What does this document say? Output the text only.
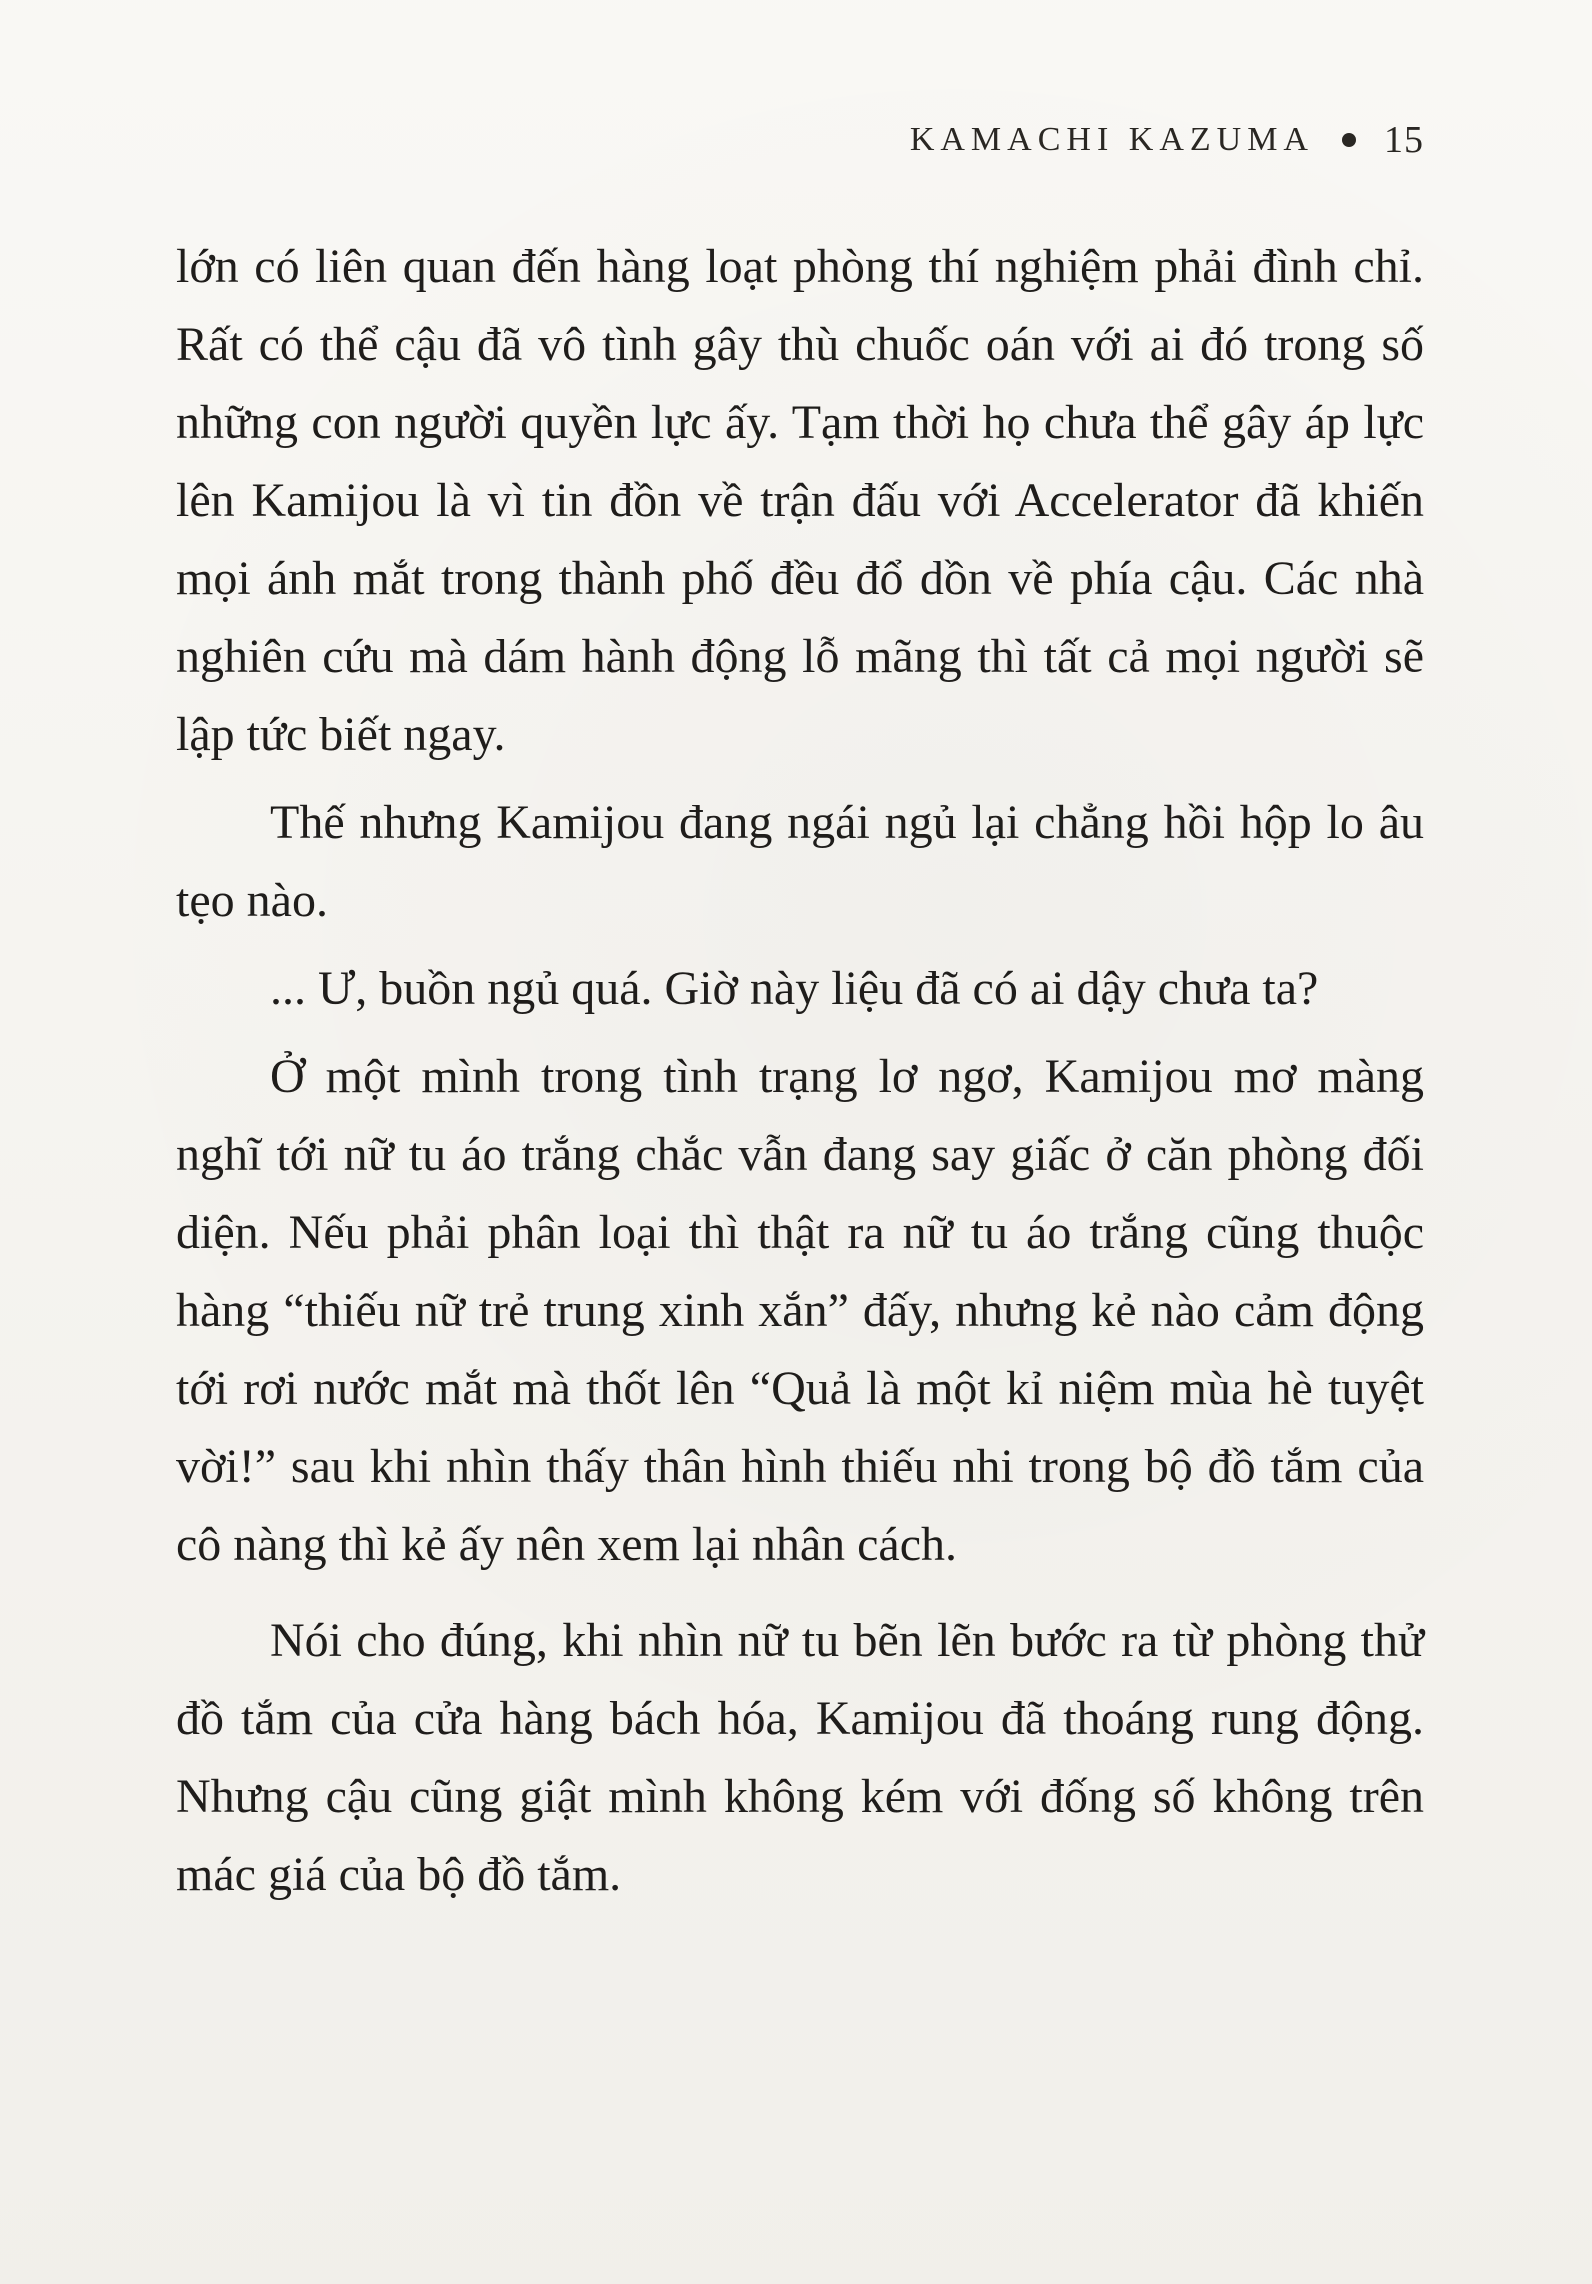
KAMACHI KAZUMA 15

lớn có liên quan đến hàng loạt phòng thí nghiệm phải đình chỉ. Rất có thể cậu đã vô tình gây thù chuốc oán với ai đó trong số những con người quyền lực ấy. Tạm thời họ chưa thể gây áp lực lên Kamijou là vì tin đồn về trận đấu với Accelerator đã khiến mọi ánh mắt trong thành phố đều đổ dồn về phía cậu. Các nhà nghiên cứu mà dám hành động lỗ mãng thì tất cả mọi người sẽ lập tức biết ngay.

Thế nhưng Kamijou đang ngái ngủ lại chẳng hồi hộp lo âu tẹo nào.

... Ư, buồn ngủ quá. Giờ này liệu đã có ai dậy chưa ta?

Ở một mình trong tình trạng lơ ngơ, Kamijou mơ màng nghĩ tới nữ tu áo trắng chắc vẫn đang say giấc ở căn phòng đối diện. Nếu phải phân loại thì thật ra nữ tu áo trắng cũng thuộc hàng “thiếu nữ trẻ trung xinh xắn” đấy, nhưng kẻ nào cảm động tới rơi nước mắt mà thốt lên “Quả là một kỉ niệm mùa hè tuyệt vời!” sau khi nhìn thấy thân hình thiếu nhi trong bộ đồ tắm của cô nàng thì kẻ ấy nên xem lại nhân cách.

Nói cho đúng, khi nhìn nữ tu bẽn lẽn bước ra từ phòng thử đồ tắm của cửa hàng bách hóa, Kamijou đã thoáng rung động. Nhưng cậu cũng giật mình không kém với đống số không trên mác giá của bộ đồ tắm.
